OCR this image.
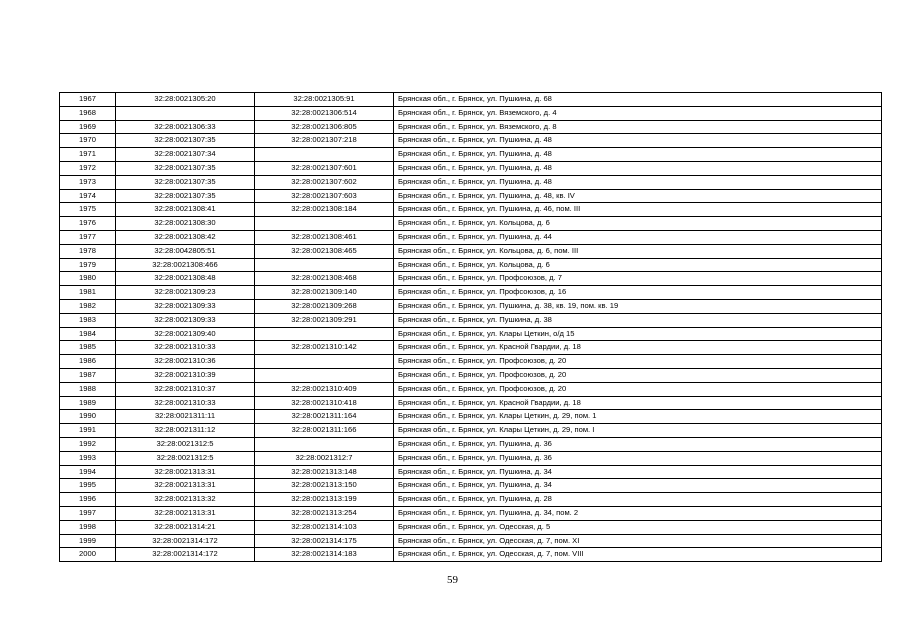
1967	32:28:0021305:20	32:28:0021305:91	Брянская обл., г. Брянск, ул. Пушкина, д. 68
1968		32:28:0021306:514	Брянская обл., г. Брянск, ул. Вяземского, д. 4
1969	32:28:0021306:33	32:28:0021306:805	Брянская обл., г. Брянск, ул. Вяземского, д. 8
1970	32:28:0021307:35	32:28:0021307:218	Брянская обл., г. Брянск, ул. Пушкина, д. 48
1971	32:28:0021307:34		Брянская обл., г. Брянск, ул. Пушкина, д. 48
1972	32:28:0021307:35	32:28:0021307:601	Брянская обл., г. Брянск, ул. Пушкина, д. 48
1973	32:28:0021307:35	32:28:0021307:602	Брянская обл., г. Брянск, ул. Пушкина, д. 48
1974	32:28:0021307:35	32:28:0021307:603	Брянская обл., г. Брянск, ул. Пушкина, д. 48, кв. IV
1975	32:28:0021308:41	32:28:0021308:184	Брянская обл., г. Брянск, ул. Пушкина, д. 46, пом. III
1976	32:28:0021308:30		Брянская обл., г. Брянск, ул. Кольцова, д. 6
1977	32:28:0021308:42	32:28:0021308:461	Брянская обл., г. Брянск, ул. Пушкина, д. 44
1978	32:28:0042805:51	32:28:0021308:465	Брянская обл., г. Брянск, ул. Кольцова, д. 6, пом. III
1979	32:28:0021308:466		Брянская обл., г. Брянск, ул. Кольцова, д. 6
1980	32:28:0021308:48	32:28:0021308:468	Брянская обл., г. Брянск, ул. Профсоюзов, д. 7
1981	32:28:0021309:23	32:28:0021309:140	Брянская обл., г. Брянск, ул. Профсоюзов, д. 16
1982	32:28:0021309:33	32:28:0021309:268	Брянская обл., г. Брянск, ул. Пушкина, д. 38, кв. 19, пом. кв. 19
1983	32:28:0021309:33	32:28:0021309:291	Брянская обл., г. Брянск, ул. Пушкина, д. 38
1984	32:28:0021309:40		Брянская обл., г. Брянск, ул. Клары Цеткин, о/д 15
1985	32:28:0021310:33	32:28:0021310:142	Брянская обл., г. Брянск, ул. Красной Гвардии, д. 18
1986	32:28:0021310:36		Брянская обл., г. Брянск, ул. Профсоюзов, д. 20
1987	32:28:0021310:39		Брянская обл., г. Брянск, ул. Профсоюзов, д. 20
1988	32:28:0021310:37	32:28:0021310:409	Брянская обл., г. Брянск, ул. Профсоюзов, д. 20
1989	32:28:0021310:33	32:28:0021310:418	Брянская обл., г. Брянск, ул. Красной Гвардии, д. 18
1990	32:28:0021311:11	32:28:0021311:164	Брянская обл., г. Брянск, ул. Клары Цеткин, д. 29, пом. 1
1991	32:28:0021311:12	32:28:0021311:166	Брянская обл., г. Брянск, ул. Клары Цеткин, д. 29, пом. I
1992	32:28:0021312:5		Брянская обл., г. Брянск, ул. Пушкина, д. 36
1993	32:28:0021312:5	32:28:0021312:7	Брянская обл., г. Брянск, ул. Пушкина, д. 36
1994	32:28:0021313:31	32:28:0021313:148	Брянская обл., г. Брянск, ул. Пушкина, д. 34
1995	32:28:0021313:31	32:28:0021313:150	Брянская обл., г. Брянск, ул. Пушкина, д. 34
1996	32:28:0021313:32	32:28:0021313:199	Брянская обл., г. Брянск, ул. Пушкина, д. 28
1997	32:28:0021313:31	32:28:0021313:254	Брянская обл., г. Брянск, ул. Пушкина, д. 34, пом. 2
1998	32:28:0021314:21	32:28:0021314:103	Брянская обл., г. Брянск, ул. Одесская, д. 5
1999	32:28:0021314:172	32:28:0021314:175	Брянская обл., г. Брянск, ул. Одесская, д. 7, пом. XI
2000	32:28:0021314:172	32:28:0021314:183	Брянская обл., г. Брянск, ул. Одесская, д. 7, пом. VIII
59
